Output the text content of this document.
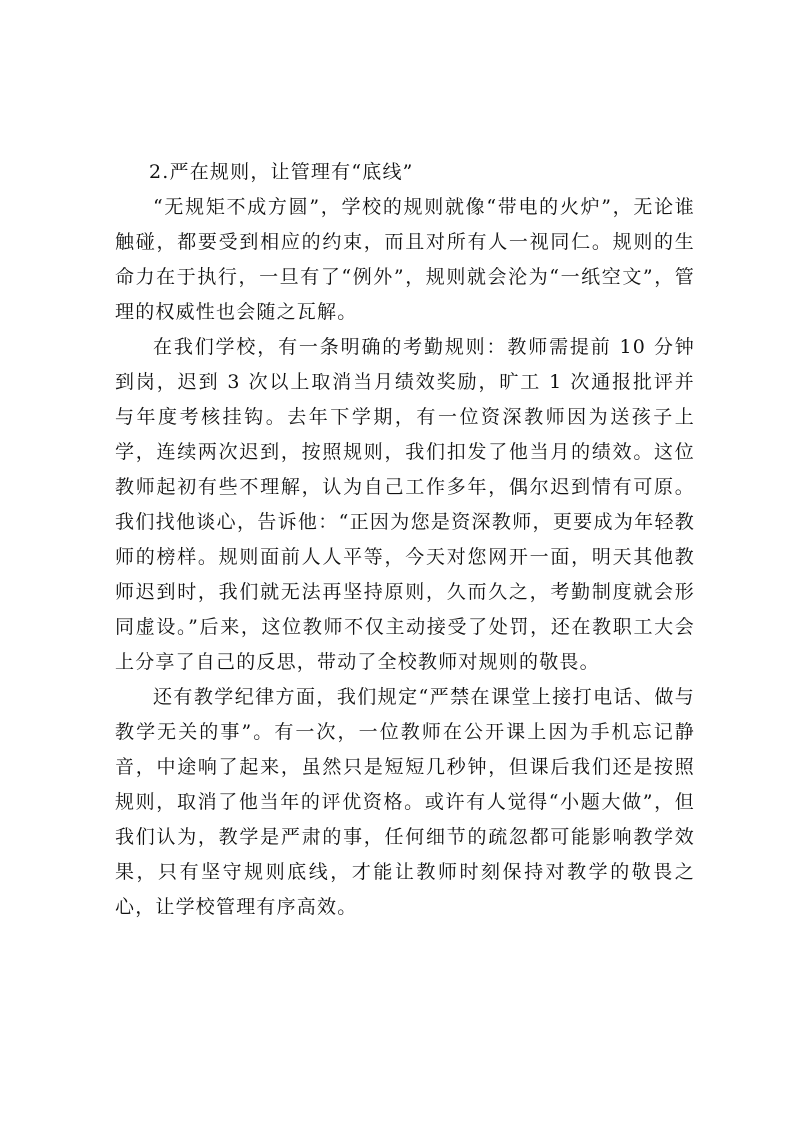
2.严在规则，让管理有“底线”

“无规矩不成方圆”，学校的规则就像“带电的火炉”，无论谁触碰，都要受到相应的约束，而且对所有人一视同仁。规则的生命力在于执行，一旦有了“例外”，规则就会沦为“一纸空文”，管理的权威性也会随之瓦解。

在我们学校，有一条明确的考勤规则：教师需提前 10 分钟到岗，迟到 3 次以上取消当月绩效奖励，旷工 1 次通报批评并与年度考核挂钩。去年下学期，有一位资深教师因为送孩子上学，连续两次迟到，按照规则，我们扣发了他当月的绩效。这位教师起初有些不理解，认为自己工作多年，偶尔迟到情有可原。我们找他谈心，告诉他：“正因为您是资深教师，更要成为年轻教师的榜样。规则面前人人平等，今天对您网开一面，明天其他教师迟到时，我们就无法再坚持原则，久而久之，考勤制度就会形同虚设。”后来，这位教师不仅主动接受了处罚，还在教职工大会上分享了自己的反思，带动了全校教师对规则的敬畏。

还有教学纪律方面，我们规定“严禁在课堂上接打电话、做与教学无关的事”。有一次，一位教师在公开课上因为手机忘记静音，中途响了起来，虽然只是短短几秒钟，但课后我们还是按照规则，取消了他当年的评优资格。或许有人觉得“小题大做”，但我们认为，教学是严肃的事，任何细节的疏忽都可能影响教学效果，只有坚守规则底线，才能让教师时刻保持对教学的敬畏之心，让学校管理有序高效。
